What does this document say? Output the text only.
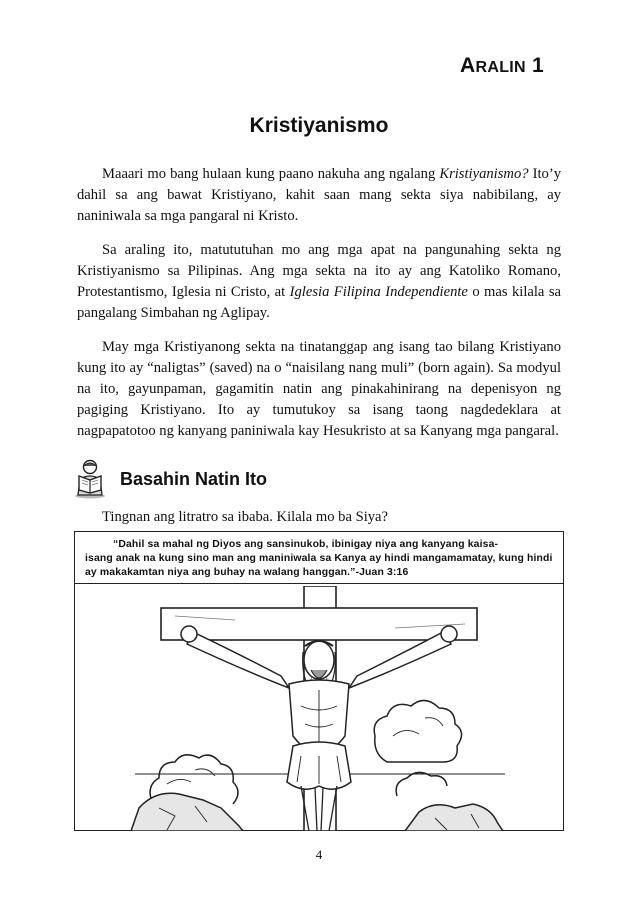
ARALIN 1
Kristiyanismo

Maaari mo bang hulaan kung paano nakuha ang ngalang Kristiyanismo? Ito’y dahil sa ang bawat Kristiyano, kahit saan mang sekta siya nabibilang, ay naniniwala sa mga pangaral ni Kristo.

Sa araling ito, matututuhan mo ang mga apat na pangunahing sekta ng Kristiyanismo sa Pilipinas. Ang mga sekta na ito ay ang Katoliko Romano, Protestantismo, Iglesia ni Cristo, at Iglesia Filipina Independiente o mas kilala sa pangalang Simbahan ng Aglipay.

May mga Kristiyanong sekta na tinatanggap ang isang tao bilang Kristiyano kung ito ay “naligtas” (saved) na o “naisilang nang muli” (born again). Sa modyul na ito, gayunpaman, gagamitin natin ang pinakahinirang na depenisyon ng pagiging Kristiyano. Ito ay tumutukoy sa isang taong nagdedeklara at nagpapatotoo ng kanyang paniniwala kay Hesukristo at sa Kanyang mga pangaral.

Basahin Natin Ito
Tingnan ang litratro sa ibaba. Kilala mo ba Siya?
“Dahil sa mahal ng Diyos ang sansinukob, ibinigay niya ang kanyang kaisa-
isang anak na kung sino man ang maniniwala sa Kanya ay hindi mangamamatay, kung hindi ay makakamtan niya ang buhay na walang hanggan.”-Juan 3:16
4
